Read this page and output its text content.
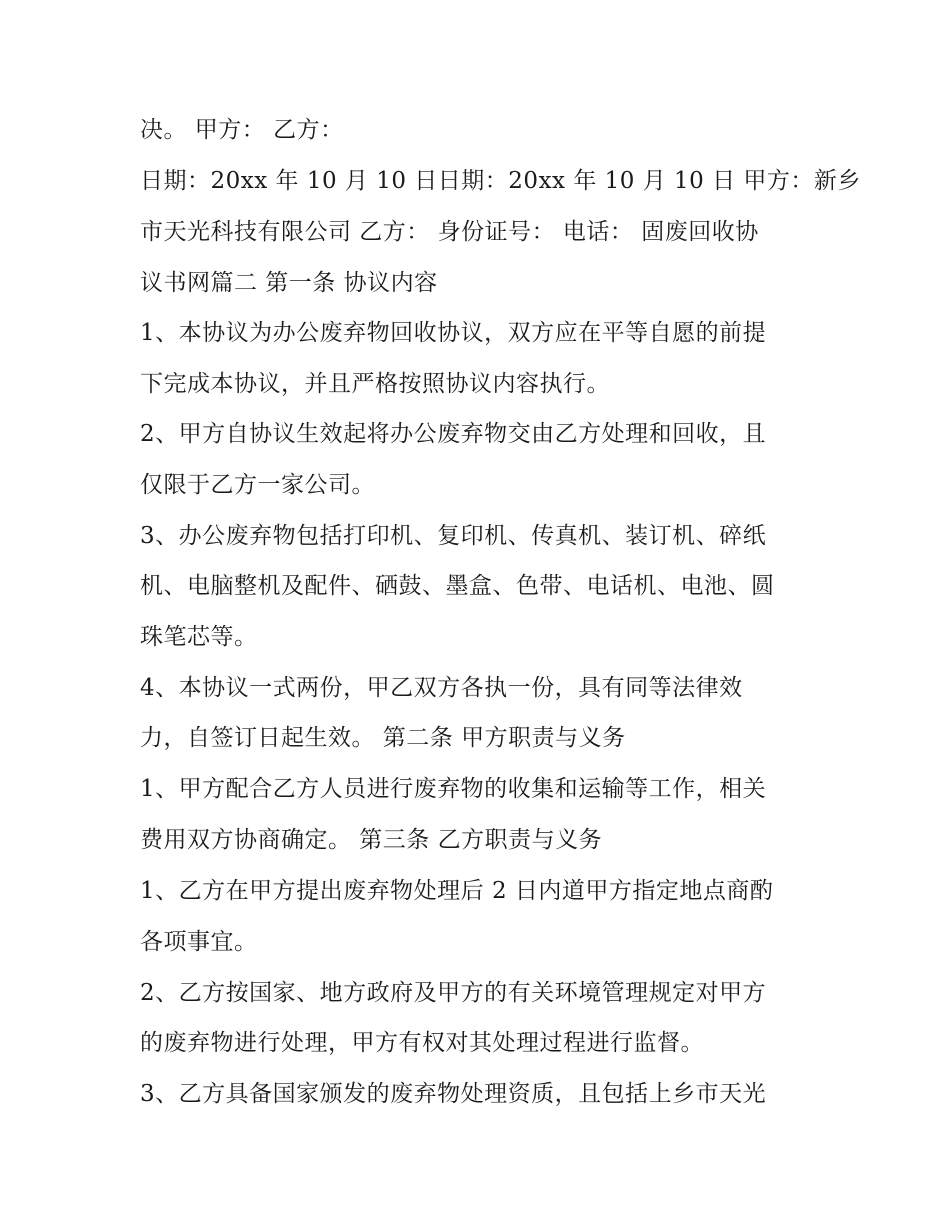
决。 甲方： 乙方：
日期：20xx 年 10 月 10 日日期：20xx 年 10 月 10 日 甲方：新乡
市天光科技有限公司 乙方： 身份证号： 电话： 固废回收协
议书网篇二 第一条 协议内容
1、本协议为办公废弃物回收协议，双方应在平等自愿的前提
下完成本协议，并且严格按照协议内容执行。
2、甲方自协议生效起将办公废弃物交由乙方处理和回收，且
仅限于乙方一家公司。
3、办公废弃物包括打印机、复印机、传真机、装订机、碎纸
机、电脑整机及配件、硒鼓、墨盒、色带、电话机、电池、圆
珠笔芯等。
4、本协议一式两份，甲乙双方各执一份，具有同等法律效
力，自签订日起生效。 第二条 甲方职责与义务
1、甲方配合乙方人员进行废弃物的收集和运输等工作，相关
费用双方协商确定。 第三条 乙方职责与义务
1、乙方在甲方提出废弃物处理后 2 日内道甲方指定地点商酌
各项事宜。
2、乙方按国家、地方政府及甲方的有关环境管理规定对甲方
的废弃物进行处理，甲方有权对其处理过程进行监督。
3、乙方具备国家颁发的废弃物处理资质，且包括上乡市天光
